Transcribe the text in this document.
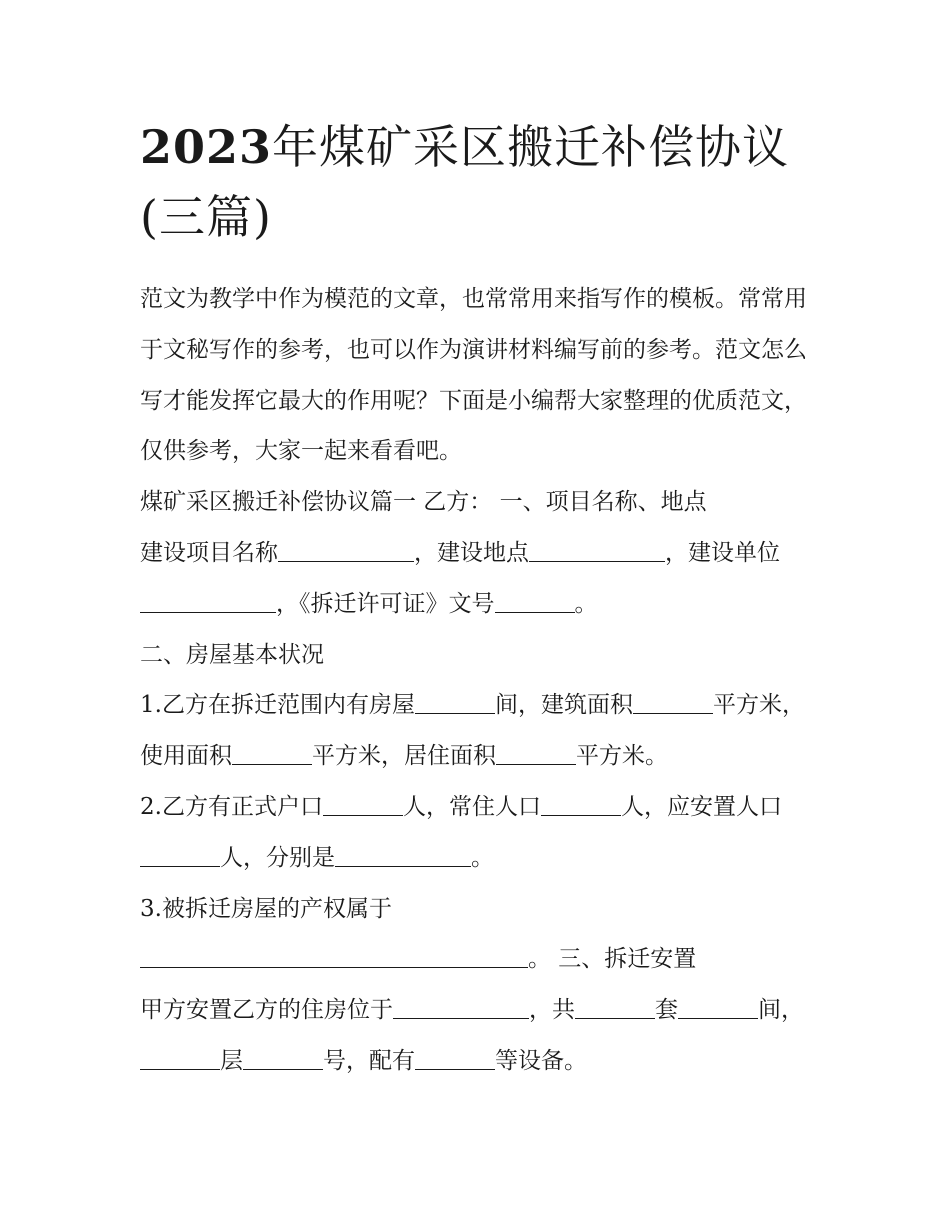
2023年煤矿采区搬迁补偿协议(三篇)

范文为教学中作为模范的文章，也常常用来指写作的模板。常常用于文秘写作的参考，也可以作为演讲材料编写前的参考。范文怎么写才能发挥它最大的作用呢？下面是小编帮大家整理的优质范文，仅供参考，大家一起来看看吧。

煤矿采区搬迁补偿协议篇一 乙方： 一、项目名称、地点

建设项目名称	，建设地点	，建设单位，《拆迁许可证》文号	。

二、房屋基本状况

1.乙方在拆迁范围内有房屋	间，建筑面积	平方米，使用面积	平方米，居住面积	平方米。

2.乙方有正式户口	人，常住人口	人，应安置人口人，分别是	。

3.被拆迁房屋的产权属于
。 三、拆迁安置

甲方安置乙方的住房位于	，共	套	间，层	号，配有	等设备。
